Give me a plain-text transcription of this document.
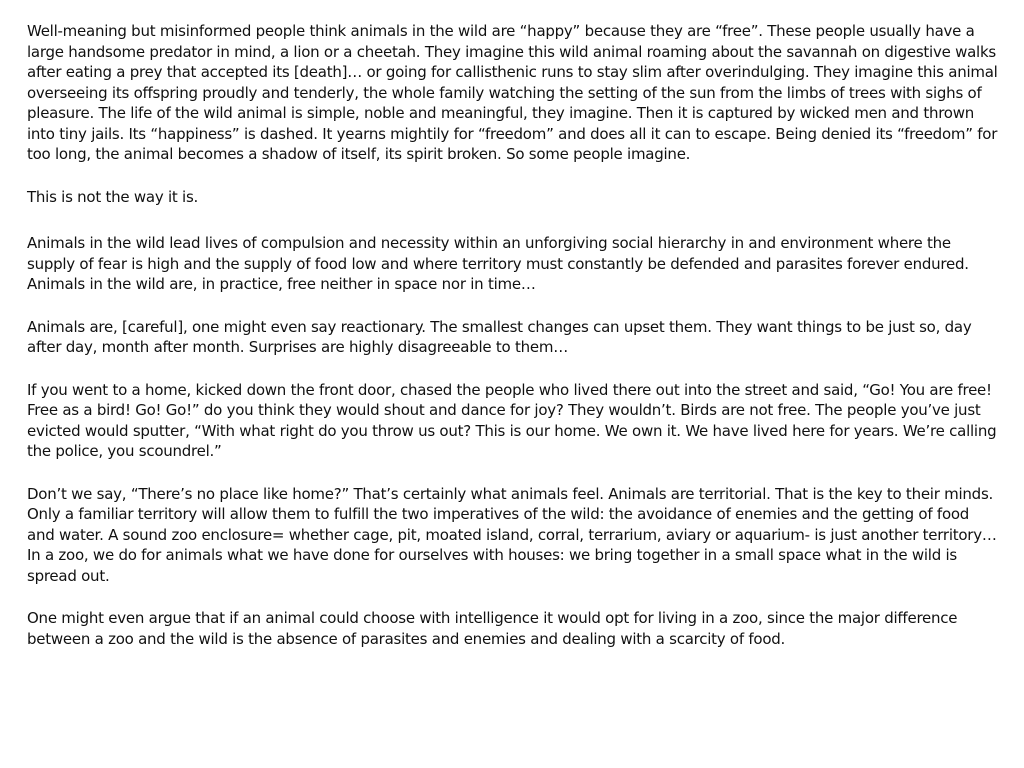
Well-meaning but misinformed people think animals in the wild are “happy” because they are “free”. These people usually have a large handsome predator in mind, a lion or a cheetah. They imagine this wild animal roaming about the savannah on digestive walks after eating a prey that accepted its [death]… or going for callisthenic runs to stay slim after overindulging. They imagine this animal overseeing its offspring proudly and tenderly, the whole family watching the setting of the sun from the limbs of trees with sighs of pleasure. The life of the wild animal is simple, noble and meaningful, they imagine. Then it is captured by wicked men and thrown into tiny jails. Its “happiness” is dashed. It yearns mightily for “freedom” and does all it can to escape. Being denied its “freedom” for too long, the animal becomes a shadow of itself, its spirit broken. So some people imagine.

This is not the way it is.

Animals in the wild lead lives of compulsion and necessity within an unforgiving social hierarchy in and environment where the supply of fear is high and the supply of food low and where territory must constantly be defended and parasites forever endured. Animals in the wild are, in practice, free neither in space nor in time…

Animals are, [careful], one might even say reactionary. The smallest changes can upset them. They want things to be just so, day after day, month after month. Surprises are highly disagreeable to them…

If you went to a home, kicked down the front door, chased the people who lived there out into the street and said, “Go! You are free! Free as a bird! Go! Go!” do you think they would shout and dance for joy? They wouldn’t. Birds are not free. The people you’ve just evicted would sputter, “With what right do you throw us out? This is our home. We own it. We have lived here for years. We’re calling the police, you scoundrel.”

Don’t we say, “There’s no place like home?” That’s certainly what animals feel. Animals are territorial. That is the key to their minds. Only a familiar territory will allow them to fulfill the two imperatives of the wild: the avoidance of enemies and the getting of food and water. A sound zoo enclosure= whether cage, pit, moated island, corral, terrarium, aviary or aquarium- is just another territory… In a zoo, we do for animals what we have done for ourselves with houses: we bring together in a small space what in the wild is spread out.

One might even argue that if an animal could choose with intelligence it would opt for living in a zoo, since the major difference between a zoo and the wild is the absence of parasites and enemies and dealing with a scarcity of food.
